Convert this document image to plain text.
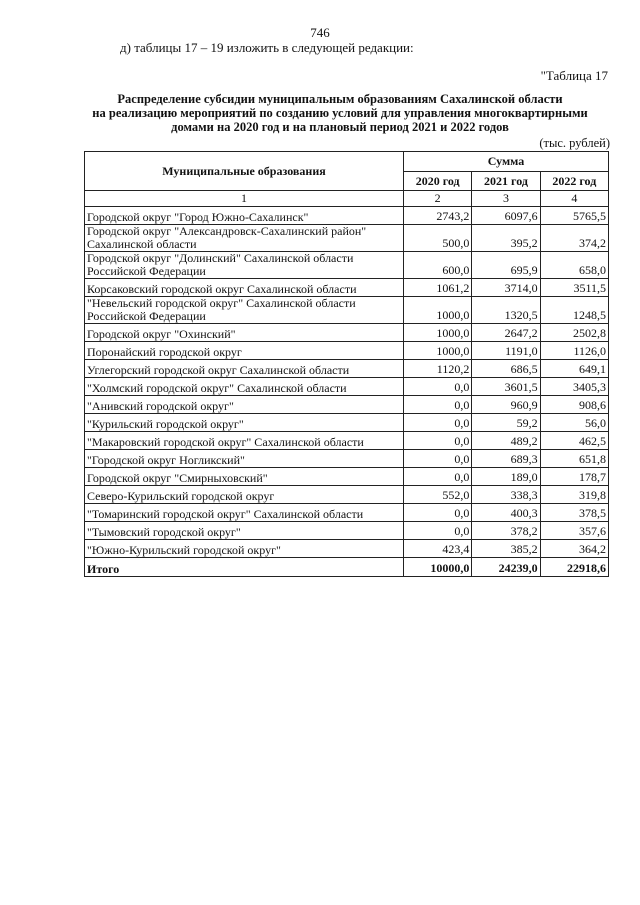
746
д) таблицы 17 – 19 изложить в следующей редакции:
"Таблица 17
Распределение субсидии муниципальным образованиям Сахалинской области
на реализацию мероприятий по созданию условий для управления многоквартирными
домами на 2020 год и на плановый период 2021 и 2022 годов
(тыс. рублей)
Муниципальные образования	Сумма		
	2020 год	2021 год	2022 год
1	2	3	4
Городской округ "Город Южно-Сахалинск"	2743,2	6097,6	5765,5
Городской округ "Александровск-Сахалинский район" Сахалинской области	500,0	395,2	374,2
Городской округ "Долинский" Сахалинской области Российской Федерации	600,0	695,9	658,0
Корсаковский городской округ Сахалинской области	1061,2	3714,0	3511,5
"Невельский городской округ" Сахалинской области Российской Федерации	1000,0	1320,5	1248,5
Городской округ "Охинский"	1000,0	2647,2	2502,8
Поронайский городской округ	1000,0	1191,0	1126,0
Углегорский городской округ Сахалинской области	1120,2	686,5	649,1
"Холмский городской округ" Сахалинской области	0,0	3601,5	3405,3
"Анивский городской округ"	0,0	960,9	908,6
"Курильский городской округ"	0,0	59,2	56,0
"Макаровский городской округ" Сахалинской области	0,0	489,2	462,5
"Городской округ Ногликский"	0,0	689,3	651,8
Городской округ "Смирныховский"	0,0	189,0	178,7
Северо-Курильский городской округ	552,0	338,3	319,8
"Томаринский городской округ" Сахалинской области	0,0	400,3	378,5
"Тымовский городской округ"	0,0	378,2	357,6
"Южно-Курильский городской округ"	423,4	385,2	364,2
Итого	10000,0	24239,0	22918,6
